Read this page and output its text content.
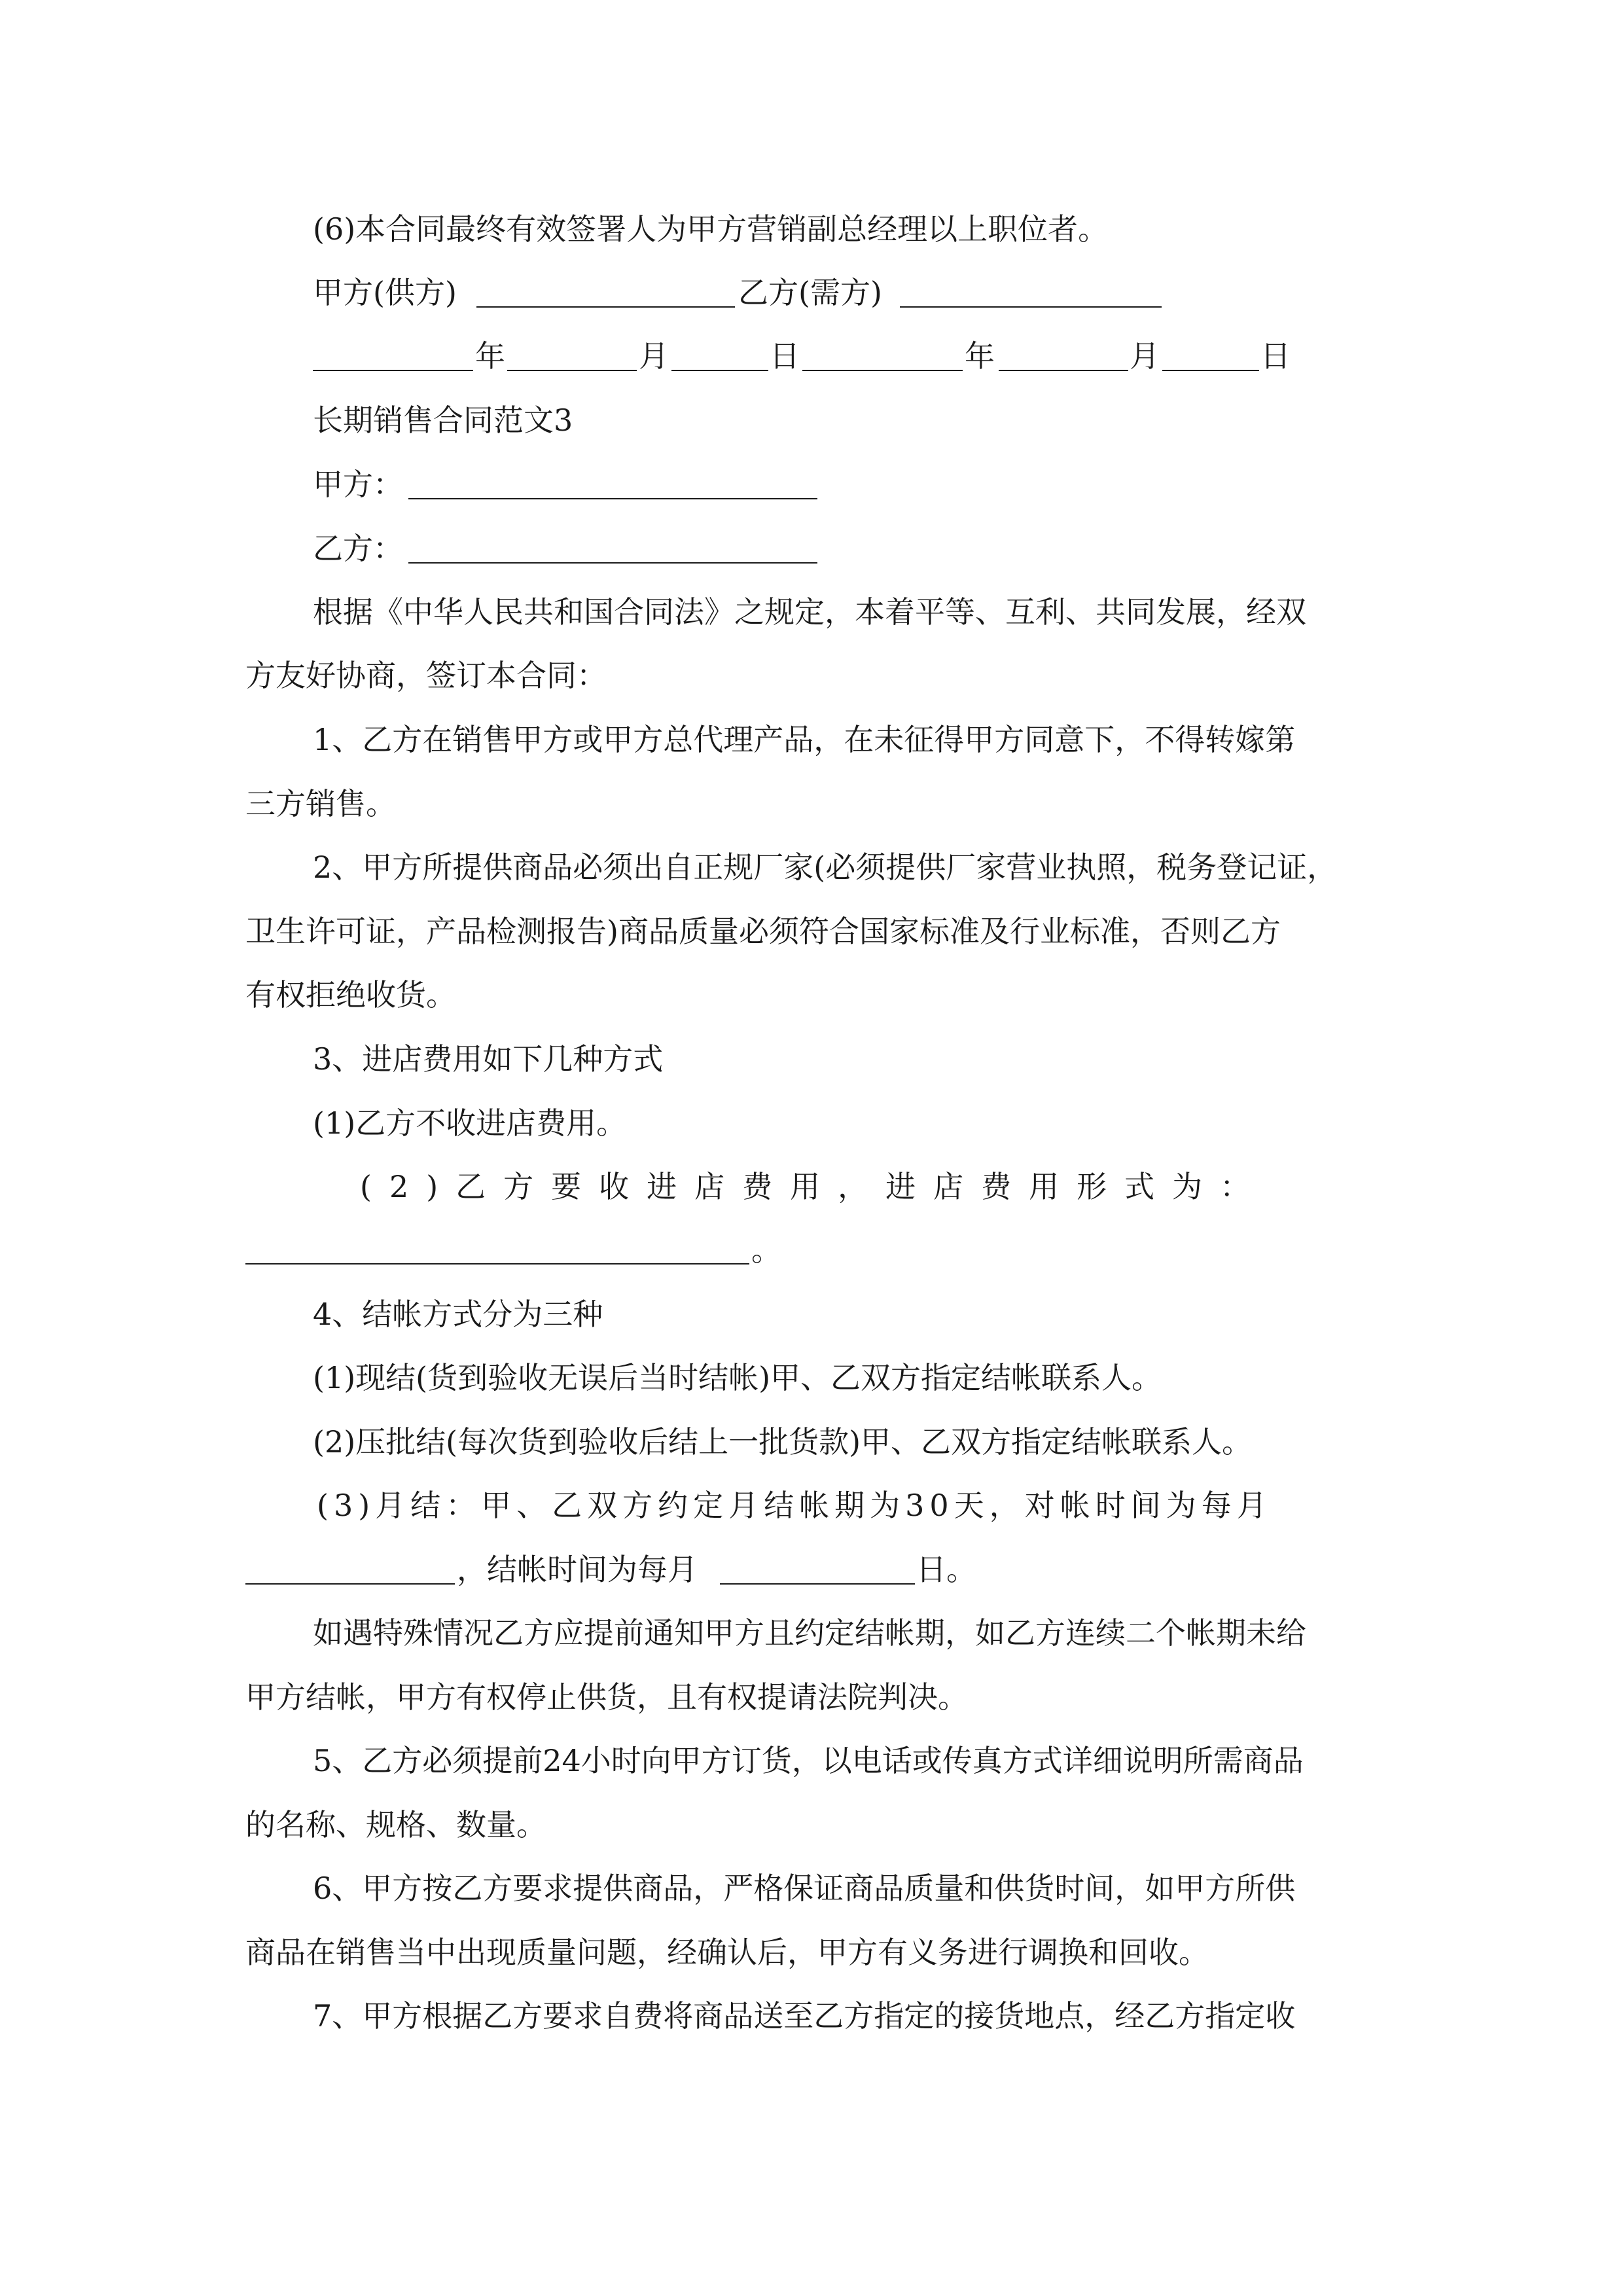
(6)本合同最终有效签署人为甲方营销副总经理以上职位者。
甲方(供方)	乙方(需方)
年	月	日	年	月	日
长期销售合同范文3
甲方：
乙方：
根据《中华人民共和国合同法》之规定，本着平等、互利、共同发展，经双
方友好协商，签订本合同：
1、乙方在销售甲方或甲方总代理产品，在未征得甲方同意下，不得转嫁第
三方销售。
2、甲方所提供商品必须出自正规厂家(必须提供厂家营业执照，税务登记证，
卫生许可证，产品检测报告)商品质量必须符合国家标准及行业标准，否则乙方
有权拒绝收货。
3、进店费用如下几种方式
(1)乙方不收进店费用。
(2)乙方要收进店费用，进店费用形式为：
。
4、结帐方式分为三种
(1)现结(货到验收无误后当时结帐)甲、乙双方指定结帐联系人。
(2)压批结(每次货到验收后结上一批货款)甲、乙双方指定结帐联系人。
(3)月结：甲、乙双方约定月结帐期为30天，对帐时间为每月
，结帐时间为每月	日。
如遇特殊情况乙方应提前通知甲方且约定结帐期，如乙方连续二个帐期未给
甲方结帐，甲方有权停止供货，且有权提请法院判决。
5、乙方必须提前24小时向甲方订货，以电话或传真方式详细说明所需商品
的名称、规格、数量。
6、甲方按乙方要求提供商品，严格保证商品质量和供货时间，如甲方所供
商品在销售当中出现质量问题，经确认后，甲方有义务进行调换和回收。
7、甲方根据乙方要求自费将商品送至乙方指定的接货地点，经乙方指定收
